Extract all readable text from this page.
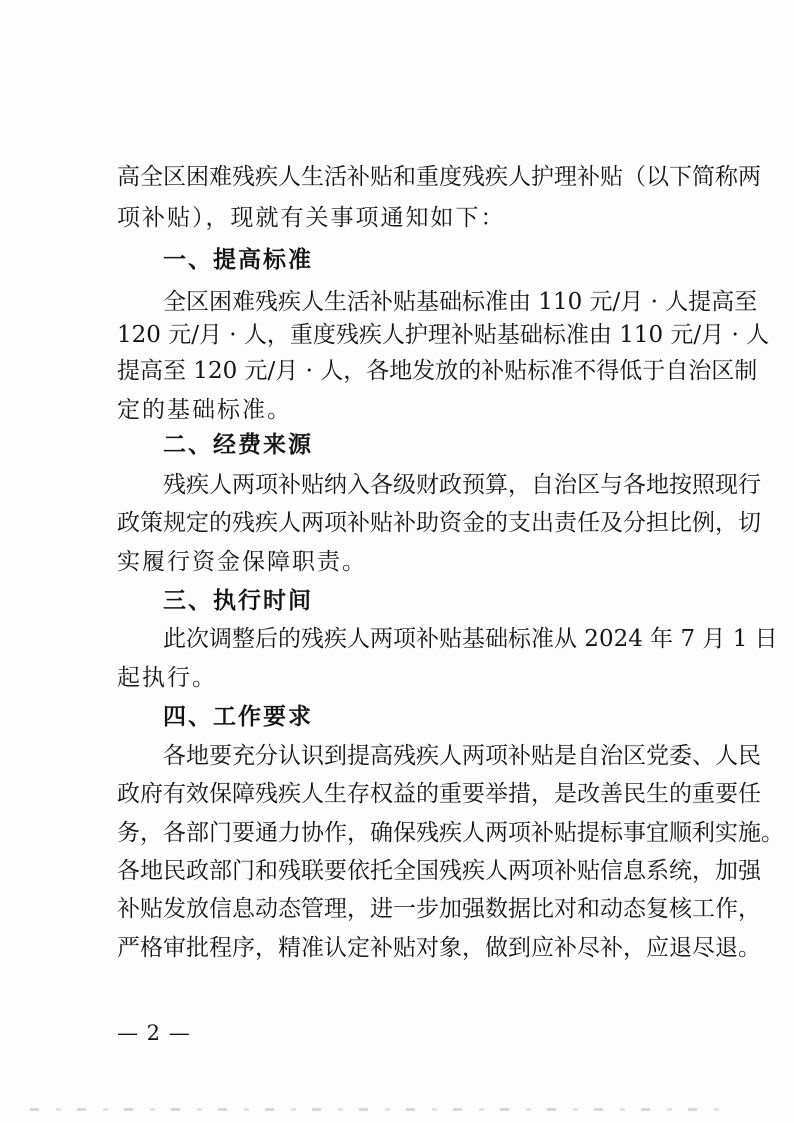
高全区困难残疾人生活补贴和重度残疾人护理补贴（以下简称两
项补贴），现就有关事项通知如下：
一、提高标准
全区困难残疾人生活补贴基础标准由 110 元/月 · 人提高至
120 元/月 · 人，重度残疾人护理补贴基础标准由 110 元/月 · 人
提高至 120 元/月 · 人，各地发放的补贴标准不得低于自治区制
定的基础标准。
二、经费来源
残疾人两项补贴纳入各级财政预算，自治区与各地按照现行
政策规定的残疾人两项补贴补助资金的支出责任及分担比例，切
实履行资金保障职责。
三、执行时间
此次调整后的残疾人两项补贴基础标准从 2024 年 7 月 1 日
起执行。
四、工作要求
各地要充分认识到提高残疾人两项补贴是自治区党委、人民
政府有效保障残疾人生存权益的重要举措，是改善民生的重要任
务，各部门要通力协作，确保残疾人两项补贴提标事宜顺利实施。
各地民政部门和残联要依托全国残疾人两项补贴信息系统，加强
补贴发放信息动态管理，进一步加强数据比对和动态复核工作，
严格审批程序，精准认定补贴对象，做到应补尽补，应退尽退。
— 2 —
